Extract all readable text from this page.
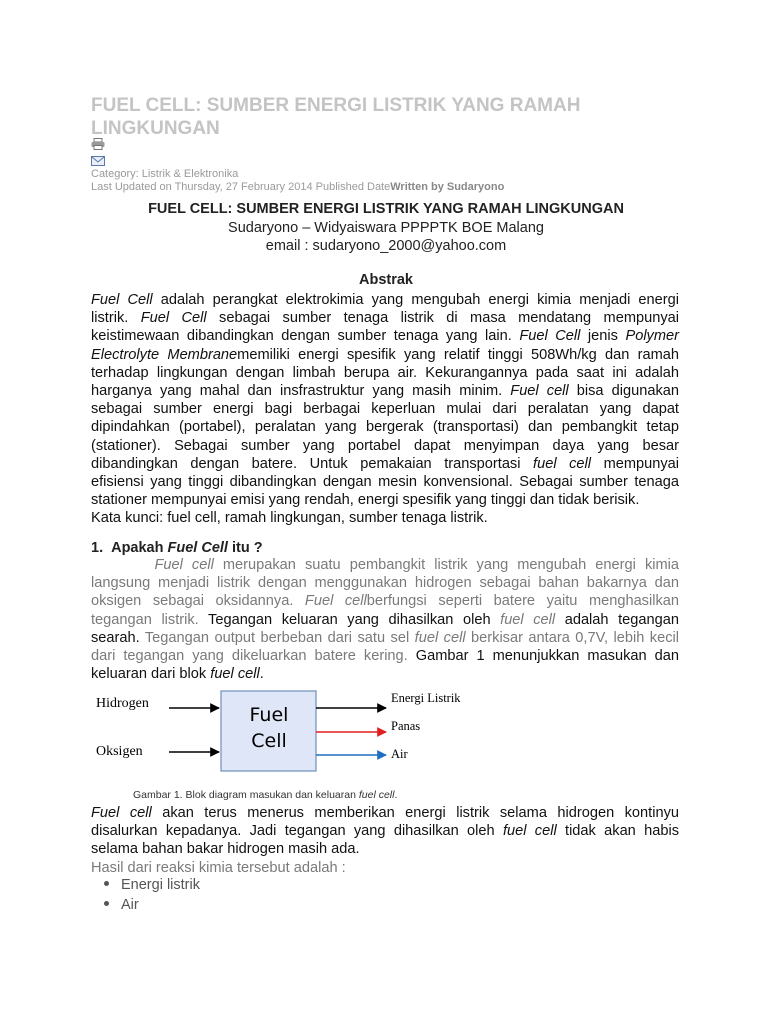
FUEL CELL: SUMBER ENERGI LISTRIK YANG RAMAH LINGKUNGAN
Category: Listrik & Elektronika
Last Updated on Thursday, 27 February 2014 Published DateWritten by Sudaryono
FUEL CELL: SUMBER ENERGI LISTRIK YANG RAMAH LINGKUNGAN
Sudaryono – Widyaiswara PPPPTK BOE Malang
email : sudaryono_2000@yahoo.com
Abstrak
Fuel Cell adalah perangkat elektrokimia yang mengubah energi kimia menjadi energi
listrik. Fuel Cell sebagai sumber tenaga listrik di masa mendatang mempunyai
keistimewaan dibandingkan dengan sumber tenaga yang lain. Fuel Cell jenis Polymer
Electrolyte Membranememiliki energi spesifik yang relatif tinggi 508Wh/kg dan ramah
terhadap lingkungan dengan limbah berupa air. Kekurangannya pada saat ini adalah
harganya yang mahal dan insfrastruktur yang masih minim. Fuel cell bisa digunakan
sebagai sumber energi bagi berbagai keperluan mulai dari peralatan yang dapat
dipindahkan (portabel), peralatan yang bergerak (transportasi) dan pembangkit tetap
(stationer). Sebagai sumber yang portabel dapat menyimpan daya yang besar
dibandingkan dengan batere. Untuk pemakaian transportasi fuel cell mempunyai
efisiensi yang tinggi dibandingkan dengan mesin konvensional. Sebagai sumber tenaga
stationer mempunyai emisi yang rendah, energi spesifik yang tinggi dan tidak berisik.
Kata kunci: fuel cell, ramah lingkungan, sumber tenaga listrik.
1. Apakah Fuel Cell itu ?
Fuel cell merupakan suatu pembangkit listrik yang mengubah energi kimia
langsung menjadi listrik dengan menggunakan hidrogen sebagai bahan bakarnya dan
oksigen sebagai oksidannya. Fuel cellberfungsi seperti batere yaitu menghasilkan
tegangan listrik. Tegangan keluaran yang dihasilkan oleh fuel cell adalah tegangan
searah. Tegangan output berbeban dari satu sel fuel cell berkisar antara 0,7V, lebih kecil
dari tegangan yang dikeluarkan batere kering. Gambar 1 menunjukkan masukan dan
keluaran dari blok fuel cell.
Hidrogen
Oksigen
Fuel
Cell
Energi Listrik
Panas
Air
Gambar 1. Blok diagram masukan dan keluaran fuel cell.
Fuel cell akan terus menerus memberikan energi listrik selama hidrogen kontinyu
disalurkan kepadanya. Jadi tegangan yang dihasilkan oleh fuel cell tidak akan habis
selama bahan bakar hidrogen masih ada.
Hasil dari reaksi kimia tersebut adalah :
Energi listrik
Air
